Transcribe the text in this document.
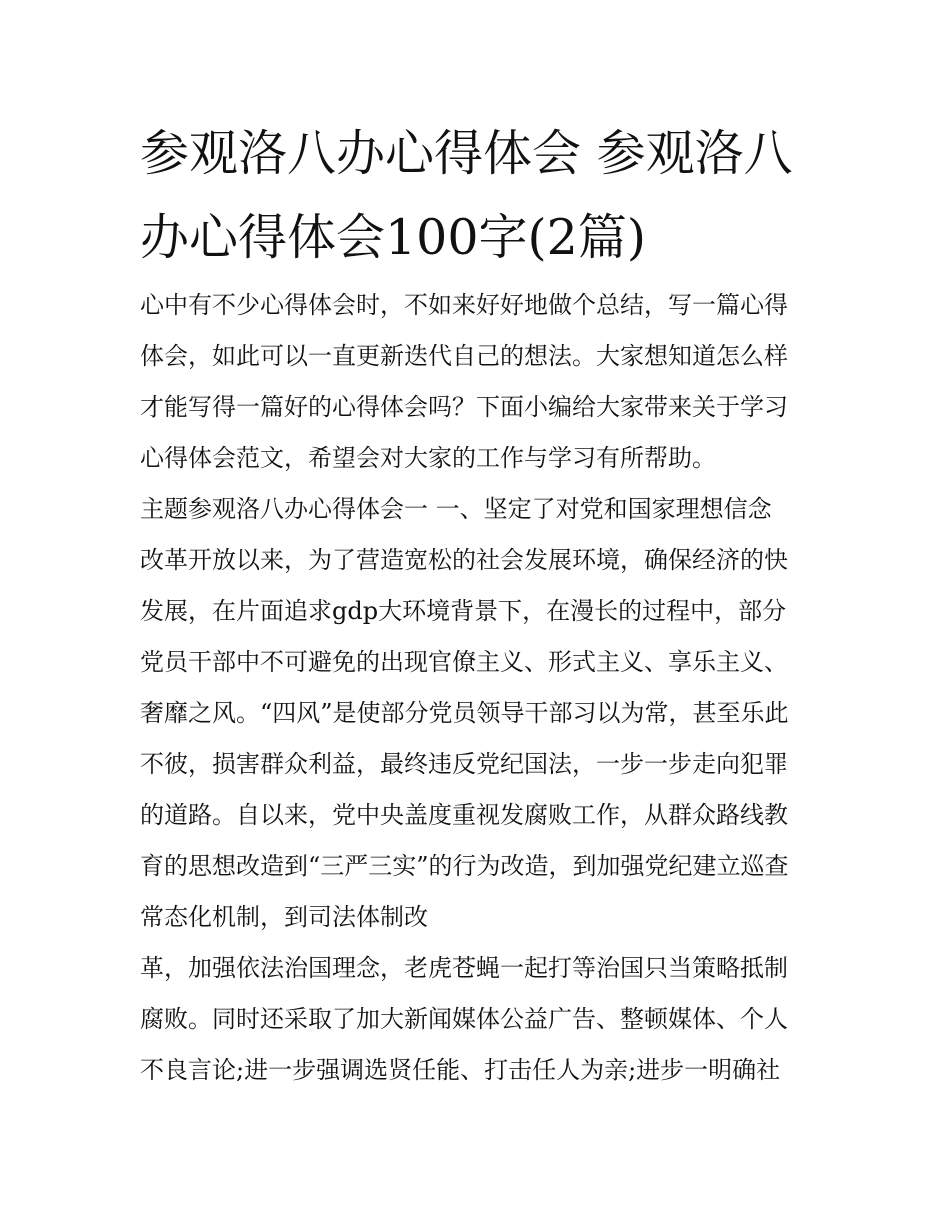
参观洛八办心得体会 参观洛八办心得体会100字(2篇)
心中有不少心得体会时，不如来好好地做个总结，写一篇心得
体会，如此可以一直更新迭代自己的想法。大家想知道怎么样
才能写得一篇好的心得体会吗？下面小编给大家带来关于学习
心得体会范文，希望会对大家的工作与学习有所帮助。
主题参观洛八办心得体会一 一、坚定了对党和国家理想信念
改革开放以来，为了营造宽松的社会发展环境，确保经济的快
发展，在片面追求gdp大环境背景下，在漫长的过程中，部分
党员干部中不可避免的出现官僚主义、形式主义、享乐主义、
奢靡之风。“四风”是使部分党员领导干部习以为常，甚至乐此
不彼，损害群众利益，最终违反党纪国法，一步一步走向犯罪
的道路。自以来，党中央盖度重视发腐败工作，从群众路线教
育的思想改造到“三严三实”的行为改造，到加强党纪建立巡查
常态化机制，到司法体制改
革，加强依法治国理念，老虎苍蝇一起打等治国只当策略抵制
腐败。同时还采取了加大新闻媒体公益广告、整顿媒体、个人
不良言论;进一步强调选贤任能、打击任人为亲;进步一明确社
